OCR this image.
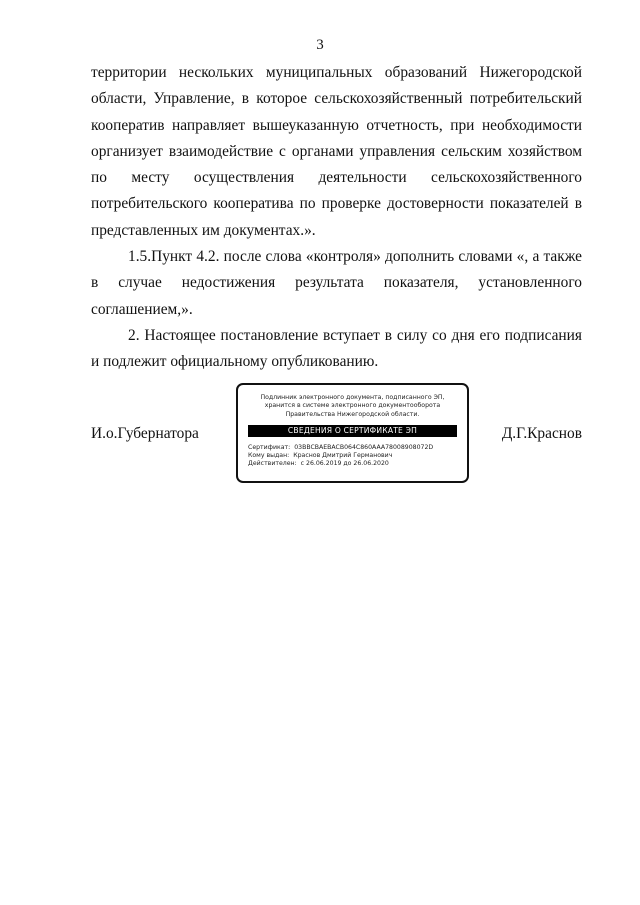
3
территории нескольких муниципальных образований Нижегородской
области, Управление, в которое сельскохозяйственный потребительский
кооператив направляет вышеуказанную отчетность, при необходимости
организует взаимодействие с органами управления сельским хозяйством
по месту осуществления деятельности сельскохозяйственного
потребительского кооператива по проверке достоверности показателей в
представленных им документах.».
1.5.Пункт 4.2. после слова «контроля» дополнить словами «, а также
в случае недостижения результата показателя, установленного
соглашением,».
2. Настоящее постановление вступает в силу со дня его подписания
и подлежит официальному опубликованию.
И.о.Губернатора
Подлинник электронного документа, подписанного ЭП,
хранится в системе электронного документооборота
Правительства Нижегородской области.
СВЕДЕНИЯ О СЕРТИФИКАТЕ ЭП
Сертификат: 03BBCBAEBACB064C860AAA78008908072D
Кому выдан: Краснов Дмитрий Германович
Действителен: с 26.06.2019 до 26.06.2020
Д.Г.Краснов
